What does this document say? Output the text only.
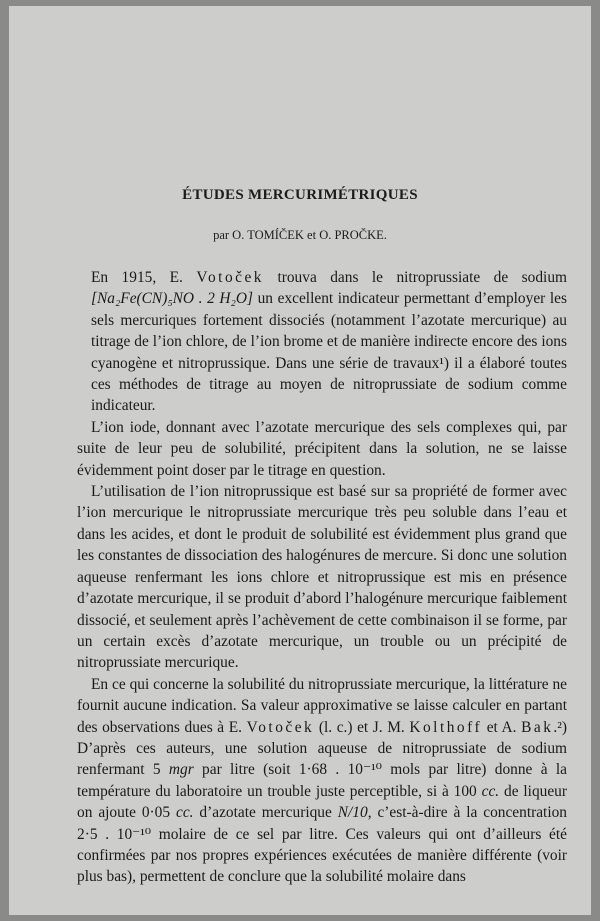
ÉTUDES MERCURIMÉTRIQUES
par O. TOMÍČEK et O. PROČKE.

En 1915, E. Votoček trouva dans le nitroprussiate de sodium [Na₂Fe(CN)₅NO . 2 H₂O] un excellent indicateur permettant d’employer les sels mercuriques fortement dissociés (notamment l’azotate mercurique) au titrage de l’ion chlore, de l’ion brome et de manière indirecte encore des ions cyanogène et nitroprussique. Dans une série de travaux¹) il a élaboré toutes ces méthodes de titrage au moyen de nitroprussiate de sodium comme indicateur.

L’ion iode, donnant avec l’azotate mercurique des sels complexes qui, par suite de leur peu de solubilité, précipitent dans la solution, ne se laisse évidemment point doser par le titrage en question.

L’utilisation de l’ion nitroprussique est basé sur sa propriété de former avec l’ion mercurique le nitroprussiate mercurique très peu soluble dans l’eau et dans les acides, et dont le produit de solubilité est évidemment plus grand que les constantes de dissociation des halogénures de mercure. Si donc une solution aqueuse renfermant les ions chlore et nitroprussique est mis en présence d’azotate mercurique, il se produit d’abord l’halogénure mercurique faiblement dissocié, et seulement après l’achèvement de cette combinaison il se forme, par un certain excès d’azotate mercurique, un trouble ou un précipité de nitroprussiate mercurique.

En ce qui concerne la solubilité du nitroprussiate mercurique, la littérature ne fournit aucune indication. Sa valeur approximative se laisse calculer en partant des observations dues à E. Votoček (l. c.) et J. M. Kolthoff et A. Bak.²) D’après ces auteurs, une solution aqueuse de nitroprussiate de sodium renfermant 5 mgr par litre (soit 1·68 . 10⁻¹⁰ mols par litre) donne à la température du laboratoire un trouble juste perceptible, si à 100 cc. de liqueur on ajoute 0·05 cc. d’azotate mercurique N/10, c’est-à-dire à la concentration 2·5 . 10⁻¹⁰ molaire de ce sel par litre. Ces valeurs qui ont d’ailleurs été confirmées par nos propres expériences exécutées de manière différente (voir plus bas), permettent de conclure que la solubilité molaire dans
